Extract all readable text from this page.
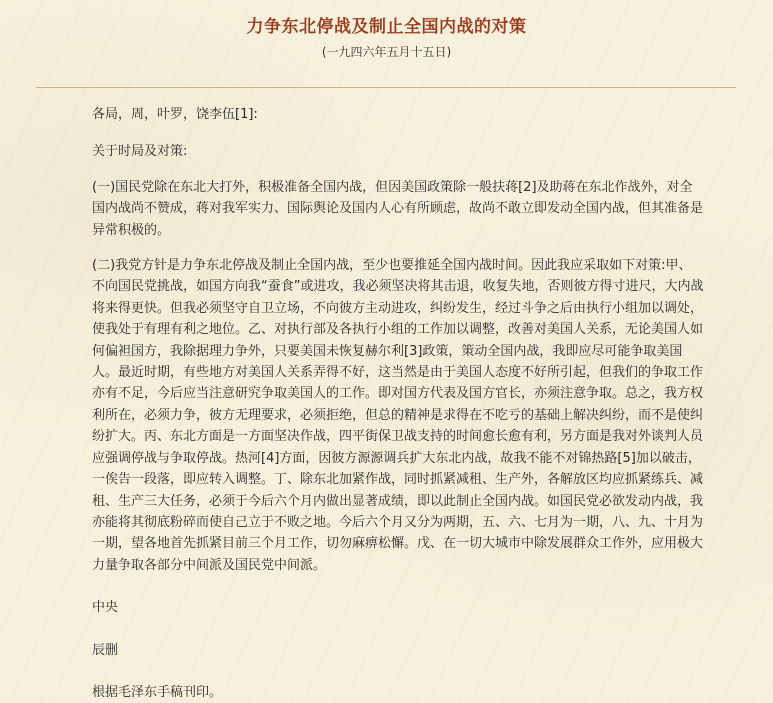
力争东北停战及制止全国内战的对策
(一九四六年五月十五日)

各局，周，叶罗，饶李伍[1]:

关于时局及对策:

(一)国民党除在东北大打外，积极准备全国内战，但因美国政策除一般扶蒋[2]及助蒋在东北作战外，对全国内战尚不赞成，蒋对我军实力、国际舆论及国内人心有所顾虑，故尚不敢立即发动全国内战，但其准备是异常积极的。

(二)我党方针是力争东北停战及制止全国内战，至少也要推延全国内战时间。因此我应采取如下对策:甲、不向国民党挑战，如国方向我“蚕食”或进攻，我必须坚决将其击退，收复失地，否则彼方得寸进尺，大内战将来得更快。但我必须坚守自卫立场，不向彼方主动进攻，纠纷发生，经过斗争之后由执行小组加以调处，使我处于有理有利之地位。乙、对执行部及各执行小组的工作加以调整，改善对美国人关系，无论美国人如何偏袒国方，我除据理力争外，只要美国未恢复赫尔利[3]政策，策动全国内战，我即应尽可能争取美国人。最近时期，有些地方对美国人关系弄得不好，这当然是由于美国人态度不好所引起，但我们的争取工作亦有不足，今后应当注意研究争取美国人的工作。即对国方代表及国方官长，亦须注意争取。总之，我方权利所在，必须力争，彼方无理要求，必须拒绝，但总的精神是求得在不吃亏的基础上解决纠纷，而不是使纠纷扩大。丙、东北方面是一方面坚决作战，四平街保卫战支持的时间愈长愈有利，另方面是我对外谈判人员应强调停战与争取停战。热河[4]方面，因彼方源源调兵扩大东北内战，故我不能不对锦热路[5]加以破击，一俟告一段落，即应转入调整。丁、除东北加紧作战，同时抓紧减租、生产外，各解放区均应抓紧练兵、减租、生产三大任务，必须于今后六个月内做出显著成绩，即以此制止全国内战。如国民党必欲发动内战，我亦能将其彻底粉碎而使自己立于不败之地。今后六个月又分为两期，五、六、七月为一期，八、九、十月为一期，望各地首先抓紧目前三个月工作，切勿麻痹松懈。戊、在一切大城市中除发展群众工作外，应用极大力量争取各部分中间派及国民党中间派。

中央

辰删

根据毛泽东手稿刊印。
